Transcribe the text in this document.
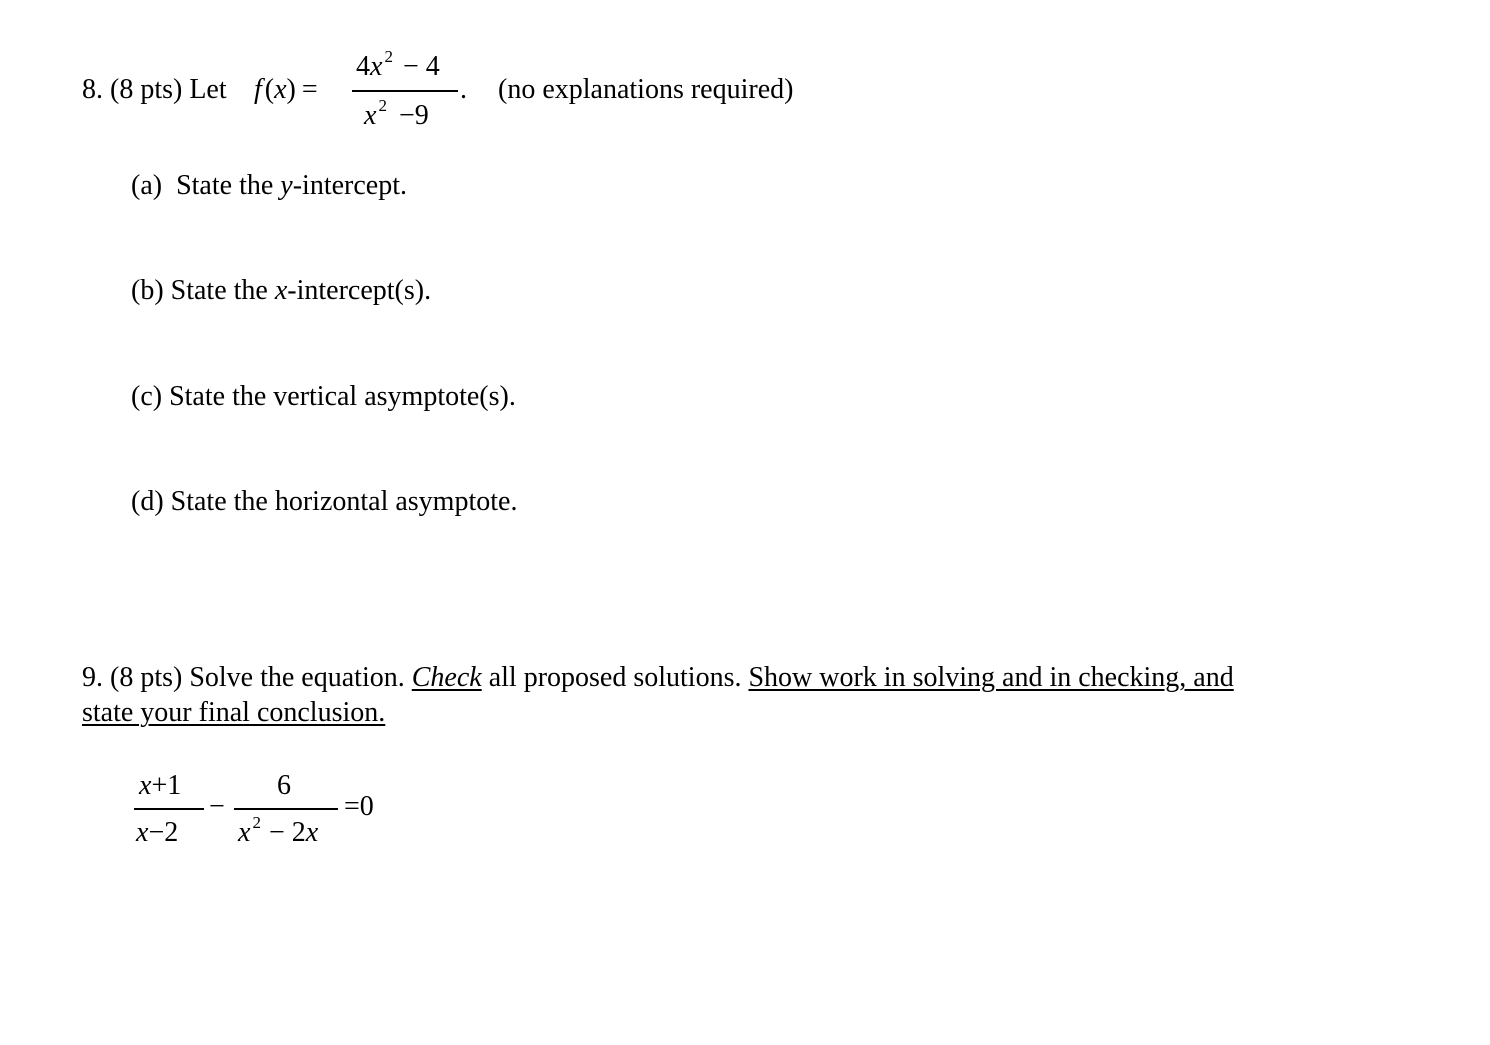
8. (8 pts) Let f (x) =
4x $^2$ − 4
x $^2$ −9
. (no explanations required)
(a)  State the y-intercept.
(b) State the x-intercept(s).
(c) State the vertical asymptote(s).
(d) State the horizontal asymptote.
9. (8 pts) Solve the equation. Check all proposed solutions. Show work in solving and in checking, and
state your final conclusion.
x+1
x−2
−
6
x $^2$ − 2x
=0
